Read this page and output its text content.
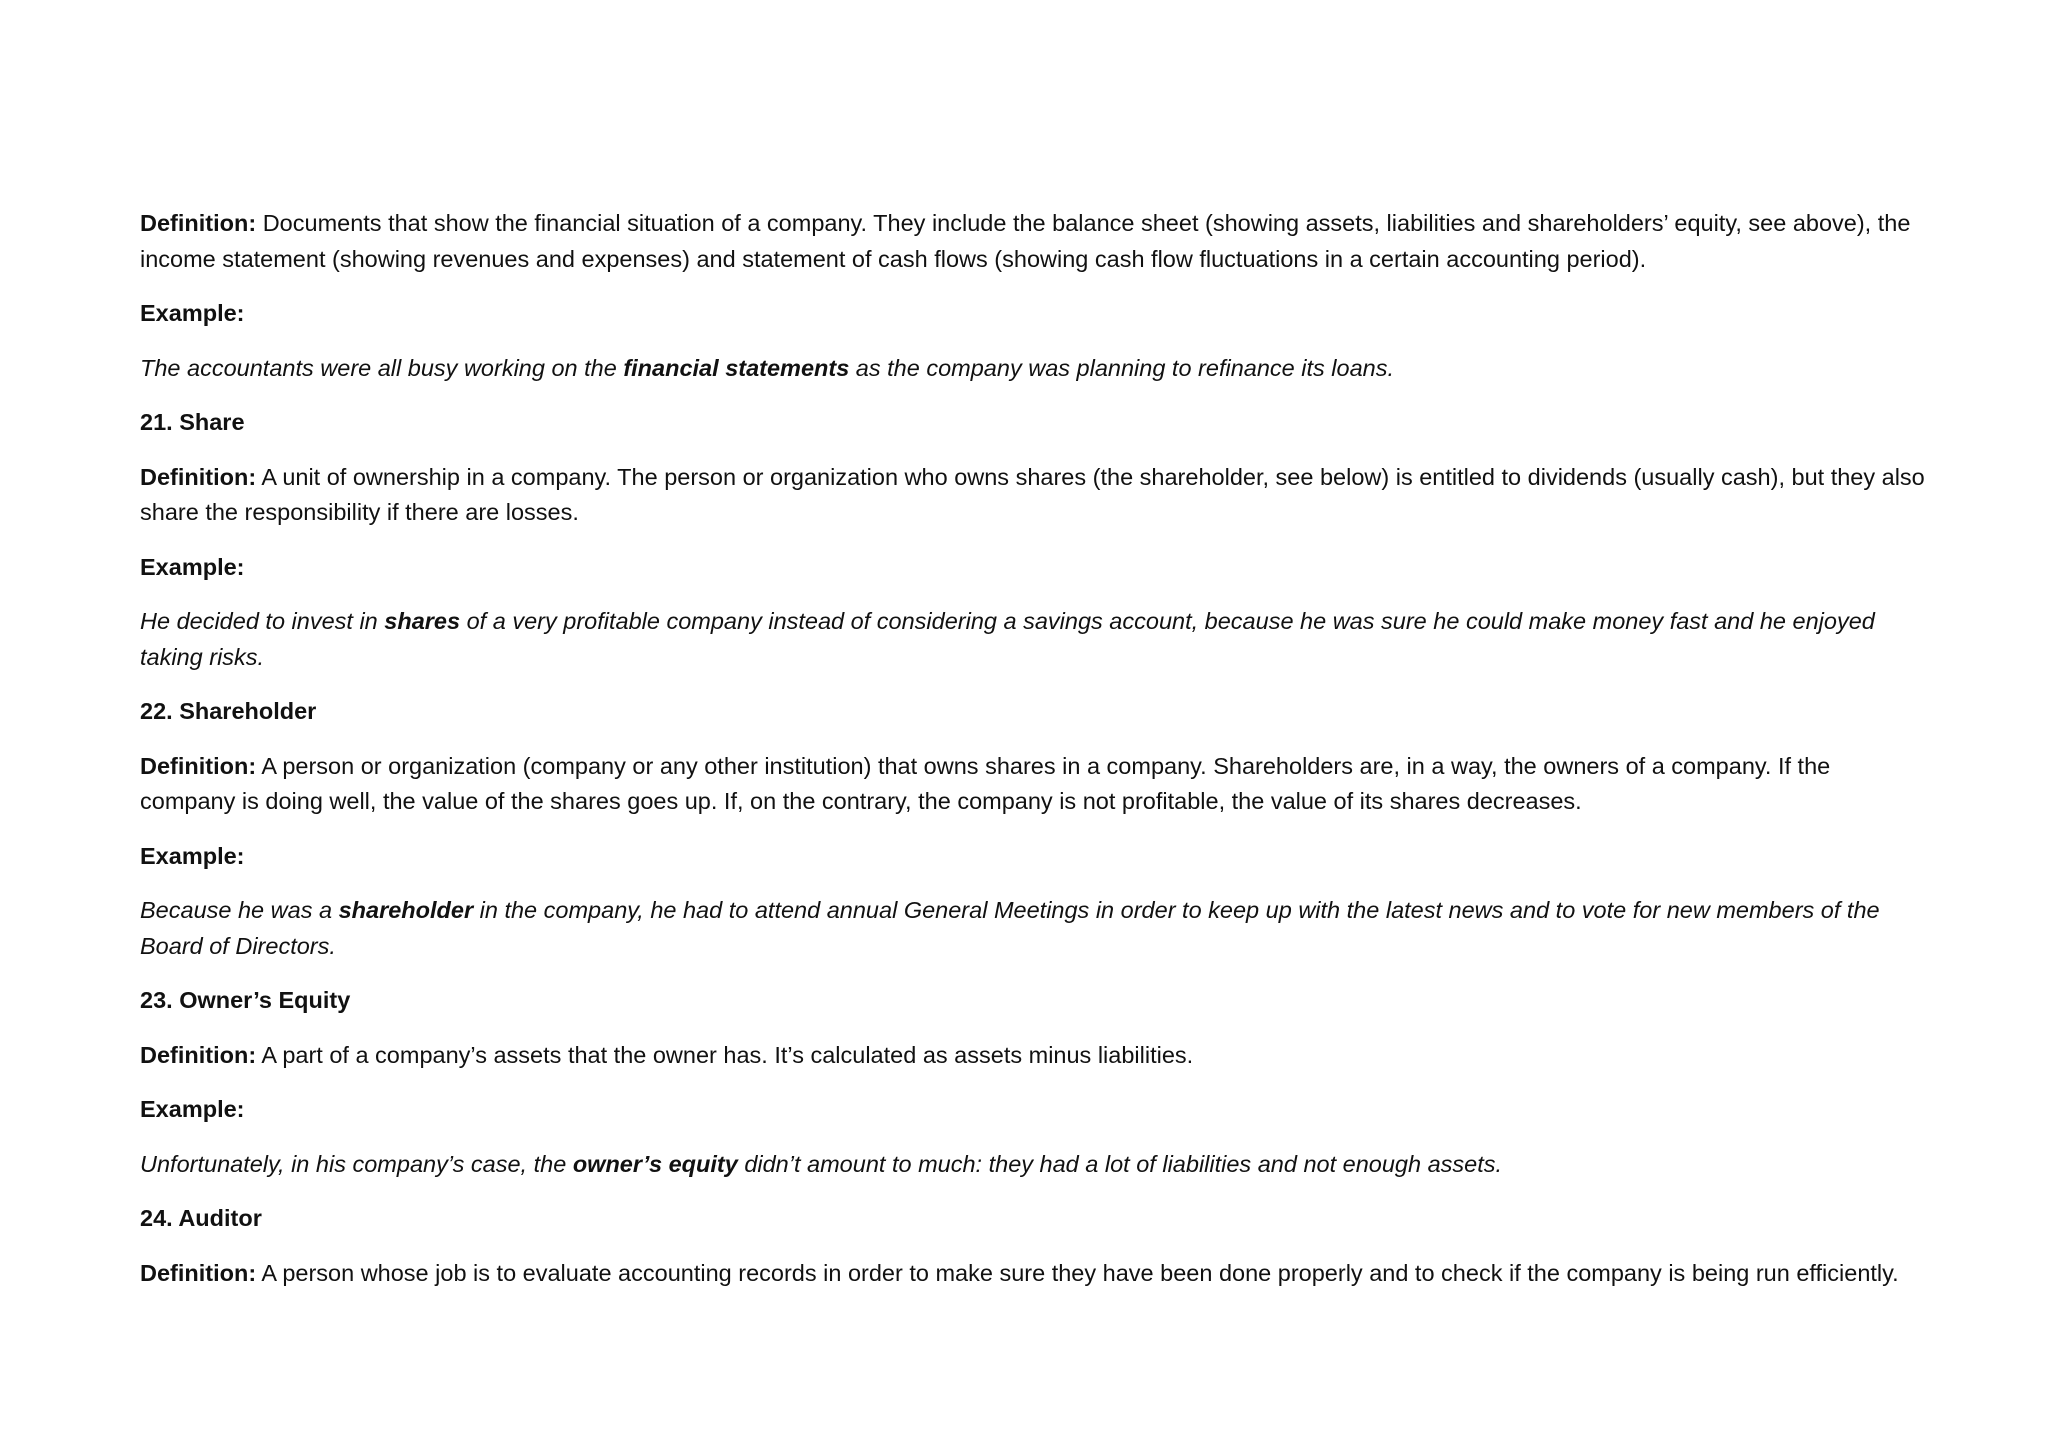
Definition: Documents that show the financial situation of a company. They include the balance sheet (showing assets, liabilities and shareholders’ equity, see above), the income statement (showing revenues and expenses) and statement of cash flows (showing cash flow fluctuations in a certain accounting period).

Example:

The accountants were all busy working on the financial statements as the company was planning to refinance its loans.

21. Share

Definition: A unit of ownership in a company. The person or organization who owns shares (the shareholder, see below) is entitled to dividends (usually cash), but they also share the responsibility if there are losses.

Example:

He decided to invest in shares of a very profitable company instead of considering a savings account, because he was sure he could make money fast and he enjoyed taking risks.

22. Shareholder

Definition: A person or organization (company or any other institution) that owns shares in a company. Shareholders are, in a way, the owners of a company. If the company is doing well, the value of the shares goes up. If, on the contrary, the company is not profitable, the value of its shares decreases.

Example:

Because he was a shareholder in the company, he had to attend annual General Meetings in order to keep up with the latest news and to vote for new members of the Board of Directors.

23. Owner’s Equity

Definition: A part of a company’s assets that the owner has. It’s calculated as assets minus liabilities.

Example:

Unfortunately, in his company’s case, the owner’s equity didn’t amount to much: they had a lot of liabilities and not enough assets.

24. Auditor

Definition: A person whose job is to evaluate accounting records in order to make sure they have been done properly and to check if the company is being run efficiently.
